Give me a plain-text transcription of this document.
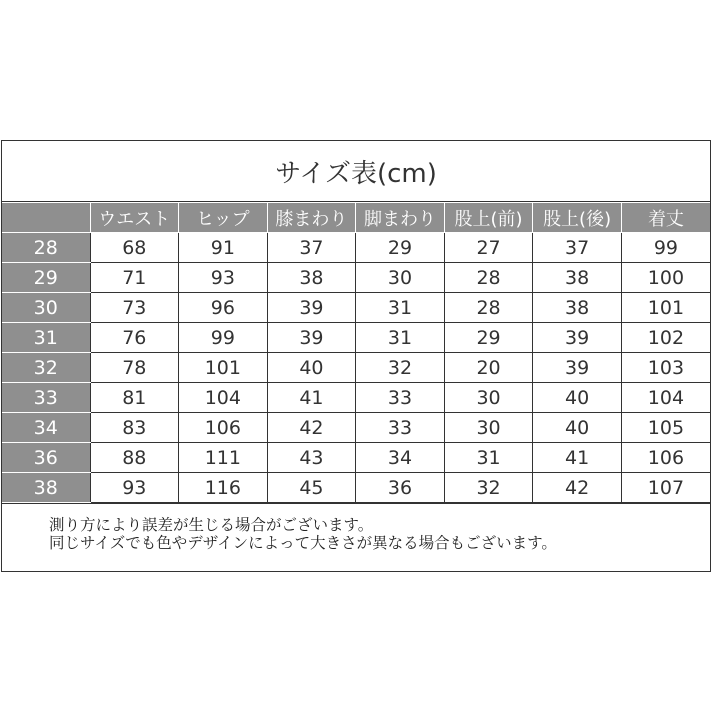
サイズ表(cm)
	ウエスト	ヒップ	膝まわり	脚まわり	股上(前)	股上(後)	着丈
28	68	91	37	29	27	37	99
29	71	93	38	30	28	38	100
30	73	96	39	31	28	38	101
31	76	99	39	31	29	39	102
32	78	101	40	32	20	39	103
33	81	104	41	33	30	40	104
34	83	106	42	33	30	40	105
36	88	111	43	34	31	41	106
38	93	116	45	36	32	42	107
測り方により誤差が生じる場合がございます。
同じサイズでも色やデザインによって大きさが異なる場合もございます。
